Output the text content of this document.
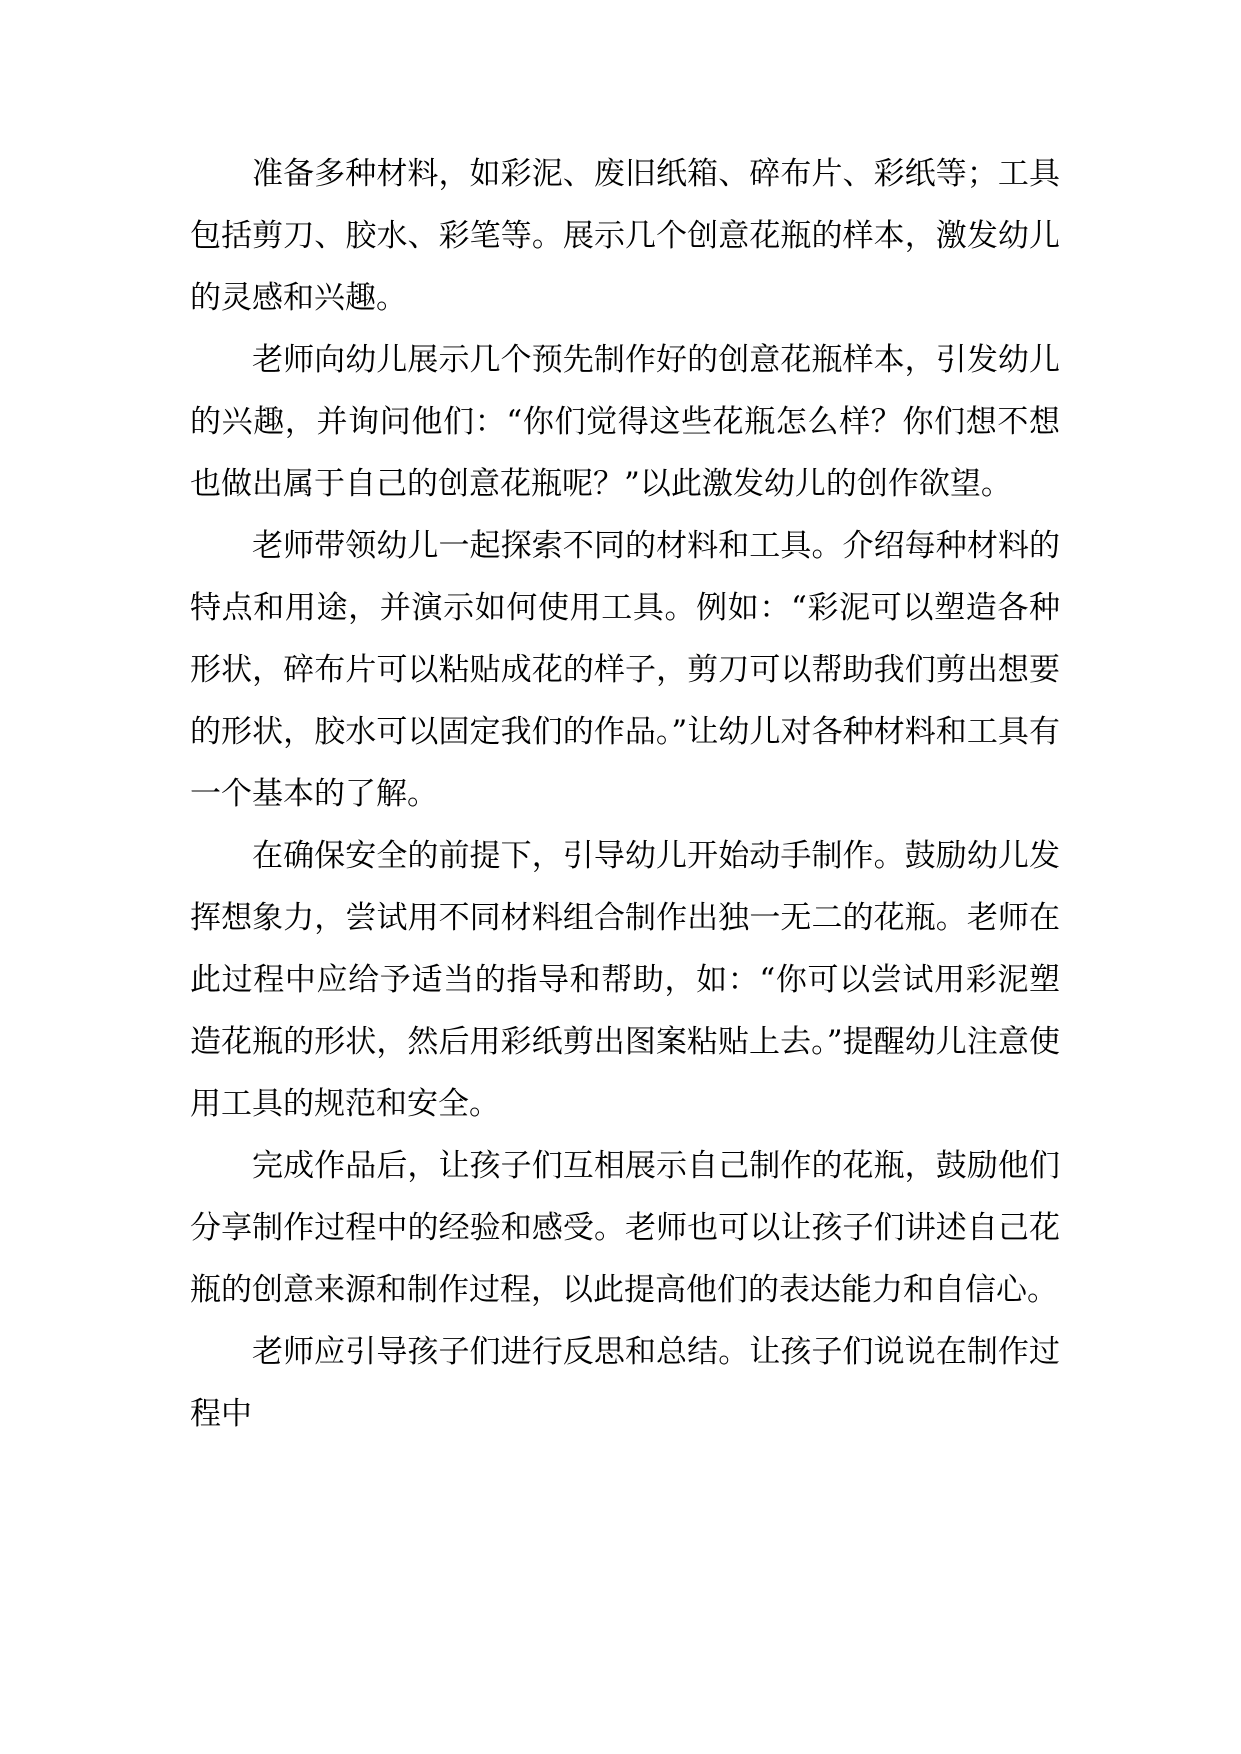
准备多种材料，如彩泥、废旧纸箱、碎布片、彩纸等；工具包括剪刀、胶水、彩笔等。展示几个创意花瓶的样本，激发幼儿的灵感和兴趣。

老师向幼儿展示几个预先制作好的创意花瓶样本，引发幼儿的兴趣，并询问他们：“你们觉得这些花瓶怎么样？你们想不想也做出属于自己的创意花瓶呢？”以此激发幼儿的创作欲望。

老师带领幼儿一起探索不同的材料和工具。介绍每种材料的特点和用途，并演示如何使用工具。例如：“彩泥可以塑造各种形状，碎布片可以粘贴成花的样子，剪刀可以帮助我们剪出想要的形状，胶水可以固定我们的作品。”让幼儿对各种材料和工具有一个基本的了解。

在确保安全的前提下，引导幼儿开始动手制作。鼓励幼儿发挥想象力，尝试用不同材料组合制作出独一无二的花瓶。老师在此过程中应给予适当的指导和帮助，如：“你可以尝试用彩泥塑造花瓶的形状，然后用彩纸剪出图案粘贴上去。”提醒幼儿注意使用工具的规范和安全。

完成作品后，让孩子们互相展示自己制作的花瓶，鼓励他们分享制作过程中的经验和感受。老师也可以让孩子们讲述自己花瓶的创意来源和制作过程，以此提高他们的表达能力和自信心。

老师应引导孩子们进行反思和总结。让孩子们说说在制作过程中
